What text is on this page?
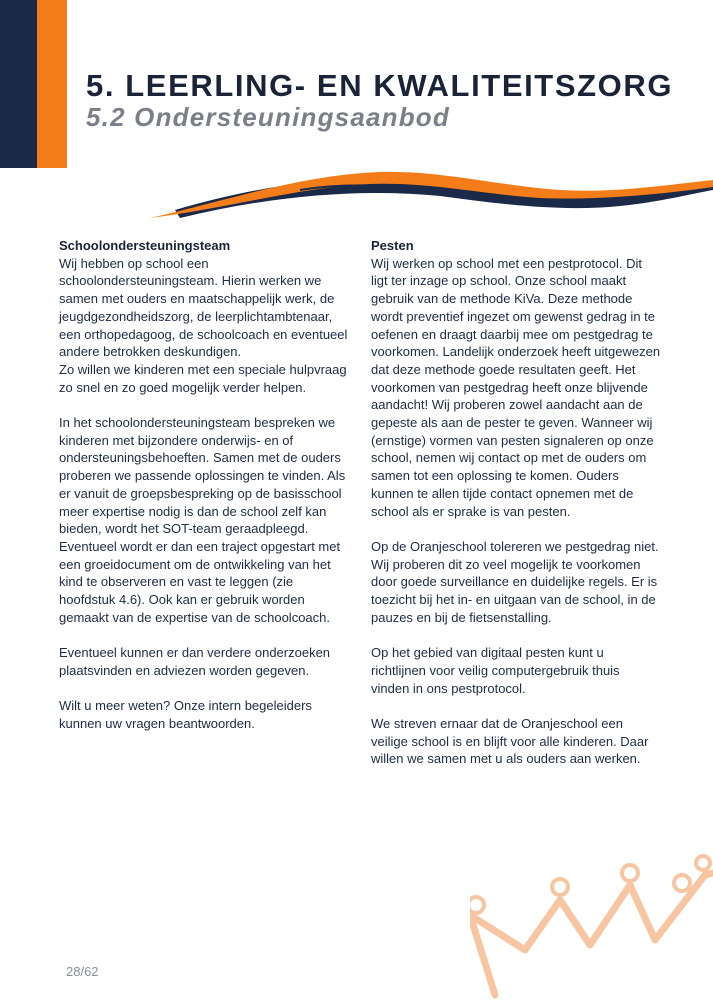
5. LEERLING- EN KWALITEITSZORG
5.2 Ondersteuningsaanbod
Schoolondersteuningsteam

Wij hebben op school een schoolondersteuningsteam. Hierin werken we samen met ouders en maatschappelijk werk, de jeugdgezondheidszorg, de leerplichtambtenaar, een orthopedagoog, de schoolcoach en eventueel andere betrokken deskundigen.
Zo willen we kinderen met een speciale hulpvraag zo snel en zo goed mogelijk verder helpen.

In het schoolondersteuningsteam bespreken we kinderen met bijzondere onderwijs- en of ondersteuningsbehoeften. Samen met de ouders proberen we passende oplossingen te vinden. Als er vanuit de groepsbespreking op de basisschool meer expertise nodig is dan de school zelf kan bieden, wordt het SOT-team geraadpleegd. Eventueel wordt er dan een traject opgestart met een groeidocument om de ontwikkeling van het kind te observeren en vast te leggen (zie hoofdstuk 4.6). Ook kan er gebruik worden gemaakt van de expertise van de schoolcoach.

Eventueel kunnen er dan verdere onderzoeken plaatsvinden en adviezen worden gegeven.

Wilt u meer weten? Onze intern begeleiders kunnen uw vragen beantwoorden.

Pesten

Wij werken op school met een pestprotocol. Dit ligt ter inzage op school. Onze school maakt gebruik van de methode KiVa. Deze methode wordt preventief ingezet om gewenst gedrag in te oefenen en draagt daarbij mee om pestgedrag te voorkomen. Landelijk onderzoek heeft uitgewezen dat deze methode goede resultaten geeft. Het voorkomen van pestgedrag heeft onze blijvende aandacht! Wij proberen zowel aandacht aan de gepeste als aan de pester te geven. Wanneer wij (ernstige) vormen van pesten signaleren op onze school, nemen wij contact op met de ouders om samen tot een oplossing te komen. Ouders kunnen te allen tijde contact opnemen met de school als er sprake is van pesten.

Op de Oranjeschool tolereren we pestgedrag niet. Wij proberen dit zo veel mogelijk te voorkomen door goede surveillance en duidelijke regels. Er is toezicht bij het in- en uitgaan van de school, in de pauzes en bij de fietsenstalling.

Op het gebied van digitaal pesten kunt u richtlijnen voor veilig computergebruik thuis vinden in ons pestprotocol.

We streven ernaar dat de Oranjeschool een veilige school is en blijft voor alle kinderen. Daar willen we samen met u als ouders aan werken.

28/62
